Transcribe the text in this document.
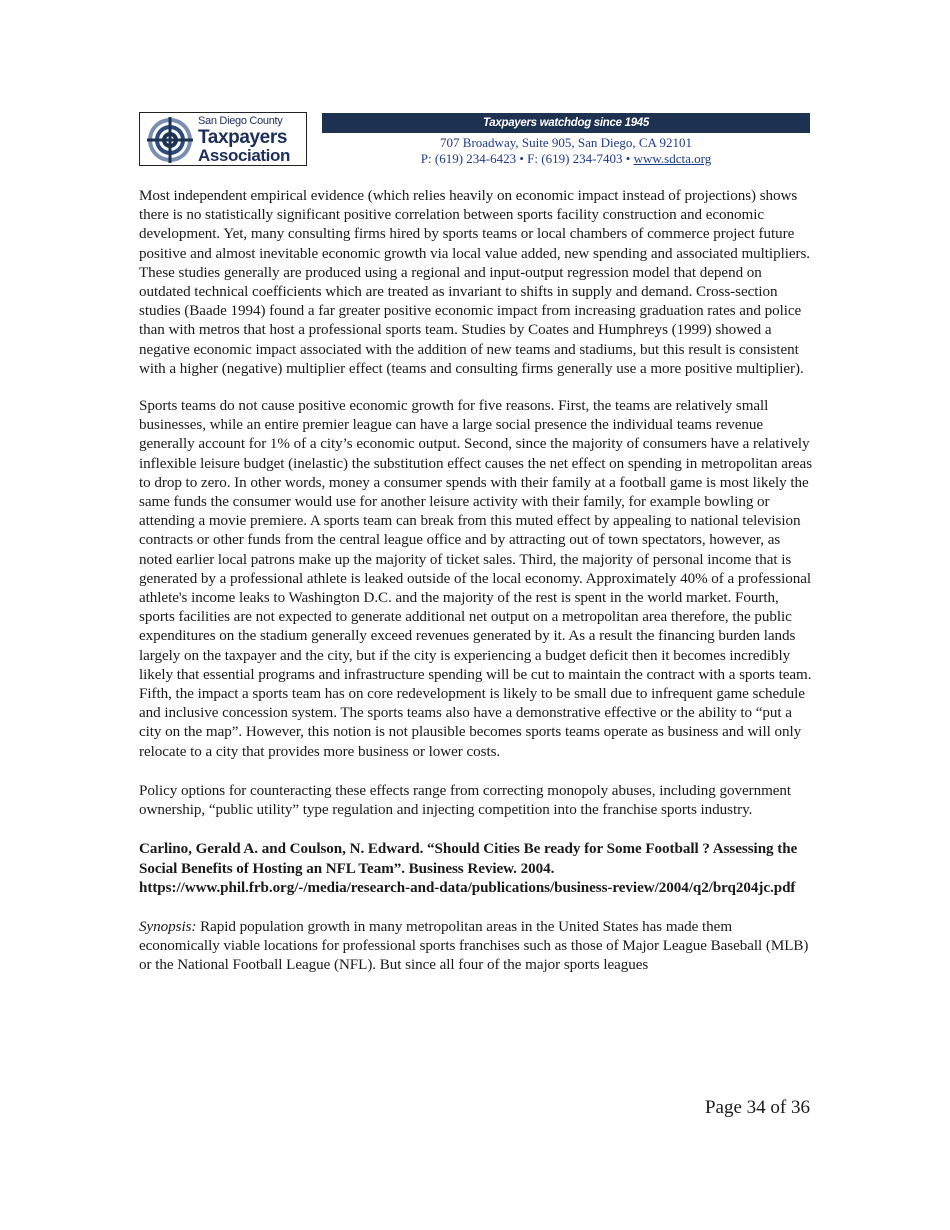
San Diego County
Taxpayers
Association
Taxpayers watchdog since 1945
707 Broadway, Suite 905, San Diego, CA 92101
P: (619) 234-6423 • F: (619) 234-7403 • www.sdcta.org

Most independent empirical evidence (which relies heavily on economic impact instead of projections) shows there is no statistically significant positive correlation between sports facility construction and economic development. Yet, many consulting firms hired by sports teams or local chambers of commerce project future positive and almost inevitable economic growth via local value added, new spending and associated multipliers. These studies generally are produced using a regional and input-output regression model that depend on outdated technical coefficients which are treated as invariant to shifts in supply and demand. Cross-section studies (Baade 1994) found a far greater positive economic impact from increasing graduation rates and police than with metros that host a professional sports team. Studies by Coates and Humphreys (1999) showed a negative economic impact associated with the addition of new teams and stadiums, but this result is consistent with a higher (negative) multiplier effect (teams and consulting firms generally use a more positive multiplier).

Sports teams do not cause positive economic growth for five reasons. First, the teams are relatively small businesses, while an entire premier league can have a large social presence the individual teams revenue generally account for 1% of a city’s economic output. Second, since the majority of consumers have a relatively inflexible leisure budget (inelastic) the substitution effect causes the net effect on spending in metropolitan areas to drop to zero. In other words, money a consumer spends with their family at a football game is most likely the same funds the consumer would use for another leisure activity with their family, for example bowling or attending a movie premiere. A sports team can break from this muted effect by appealing to national television contracts or other funds from the central league office and by attracting out of town spectators, however, as noted earlier local patrons make up the majority of ticket sales. Third, the majority of personal income that is generated by a professional athlete is leaked outside of the local economy. Approximately 40% of a professional athlete's income leaks to Washington D.C. and the majority of the rest is spent in the world market. Fourth, sports facilities are not expected to generate additional net output on a metropolitan area therefore, the public expenditures on the stadium generally exceed revenues generated by it. As a result the financing burden lands largely on the taxpayer and the city, but if the city is experiencing a budget deficit then it becomes incredibly likely that essential programs and infrastructure spending will be cut to maintain the contract with a sports team. Fifth, the impact a sports team has on core redevelopment is likely to be small due to infrequent game schedule and inclusive concession system. The sports teams also have a demonstrative effective or the ability to “put a city on the map”. However, this notion is not plausible becomes sports teams operate as business and will only relocate to a city that provides more business or lower costs.

Policy options for counteracting these effects range from correcting monopoly abuses, including government ownership, “public utility” type regulation and injecting competition into the franchise sports industry.

Carlino, Gerald A. and Coulson, N. Edward. “Should Cities Be ready for Some Football ? Assessing the Social Benefits of Hosting an NFL Team”. Business Review. 2004. https://www.phil.frb.org/-/media/research-and-data/publications/business-review/2004/q2/brq204jc.pdf

Synopsis: Rapid population growth in many metropolitan areas in the United States has made them economically viable locations for professional sports franchises such as those of Major League Baseball (MLB) or the National Football League (NFL). But since all four of the major sports leagues

Page 34 of 36
